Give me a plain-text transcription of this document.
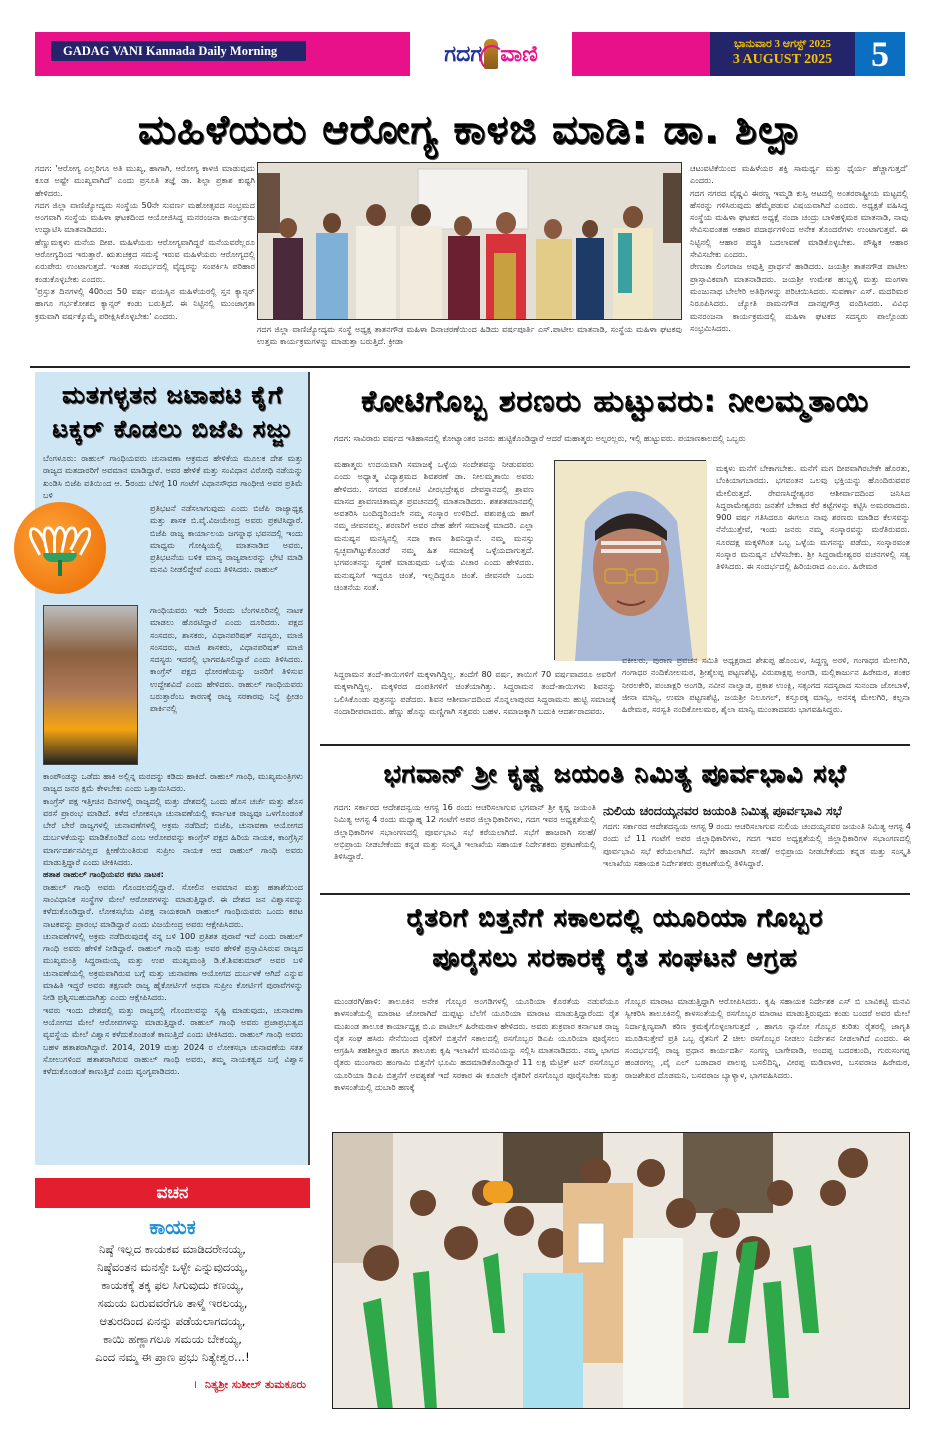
GADAG VANI Kannada Daily Morning	ಗದಗ ವಾಣಿ	ಭಾನುವಾರ 3 ಆಗಸ್ಟ್ 2025
3 AUGUST 2025	5
ಮಹಿಳೆಯರು ಆರೋಗ್ಯ ಕಾಳಜಿ ಮಾಡಿ: ಡಾ. ಶಿಲ್ಪಾ

ಗದಗ: 'ಆರೋಗ್ಯ ಎಲ್ಲರಿಗೂ ಅತಿ ಮುಖ್ಯ, ಹಾಗಾಗಿ, ಆರೋಗ್ಯ ಕಾಳಜಿ ಮಾಡುವುದು ಕೂಡ ಅಷ್ಟೇ ಮುಖ್ಯವಾಗಿದೆ' ಎಂದು ಪ್ರಸೂತಿ ತಜ್ಞೆ ಡಾ. ಶಿಲ್ಪಾ ಪ್ರಕಾಶ ಕುಷ್ಟಗಿ ಹೇಳಿದರು.

ಗದಗ ಜಿಲ್ಲಾ ವಾಣಿಜ್ಯೋದ್ಯಮ ಸಂಸ್ಥೆಯ 50ನೇ ಸುವರ್ಣ ಮಹೋತ್ಸವದ ಸಂಭ್ರಮದ ಅಂಗವಾಗಿ ಸಂಸ್ಥೆಯ ಮಹಿಳಾ ಘಟಕದಿಂದ ಆಯೋಜಿಸಿದ್ದ ಮನರಂಜನಾ ಕಾರ್ಯಕ್ರಮ ಉದ್ಘಾಟಿಸಿ ಮಾತನಾಡಿದರು.

ಹೆಣ್ಣುಮಕ್ಕಳು ಮನೆಯ ದೀಪ. ಮಹಿಳೆಯರು ಆರೋಗ್ಯವಾಗಿದ್ದರೆ ಮನೆಯವರೆಲ್ಲರೂ ಆರೋಗ್ಯದಿಂದ ಇರುತ್ತಾರೆ. ಋತುಚಕ್ರದ ಸಮಸ್ಯೆ ಇರುವ ಮಹಿಳೆಯರು ಆರೋಗ್ಯದಲ್ಲಿ ಏರುಪೇರು ಉಂಟಾಗುತ್ತದೆ. ಇಂತಹ ಸಂದರ್ಭದಲ್ಲಿ ವೈದ್ಯರನ್ನು ಸಂಪರ್ಕಿಸಿ ಪರಿಹಾರ ಕಂಡುಕೊಳ್ಳಬೇಕು ಎಂದರು.

'ಪ್ರಸ್ತುತ ದಿನಗಳಲ್ಲಿ 40ರಿಂದ 50 ವರ್ಷ ವಯಸ್ಸಿನ ಮಹಿಳೆಯರಲ್ಲಿ ಸ್ತನ ಕ್ಯಾನ್ಸರ್ ಹಾಗೂ ಗರ್ಭಕೋಶದ ಕ್ಯಾನ್ಸರ್ ಕಂಡು ಬರುತ್ತಿದೆ. ಈ ನಿಟ್ಟಿನಲ್ಲಿ ಮುಂಜಾಗ್ರತಾ ಕ್ರಮವಾಗಿ ವರ್ಷಕ್ಕೊಮ್ಮೆ ಪರೀಕ್ಷಿಸಿಕೊಳ್ಳಬೇಕು' ಎಂದರು.

ಗದಗ ಜಿಲ್ಲಾ ವಾಣಿಜ್ಯೋದ್ಯಮ ಸಂಸ್ಥೆ ಅಧ್ಯಕ್ಷ ತಾತನಗೌಡ ಮಹಿಳಾ ದಿನಾಚರಣೆಯಿಂದ ಹಿಡಿದು ವರ್ಷಪೂರ್ತಿ ಎಸ್.ಪಾಟೀಲ ಮಾತನಾಡಿ, ಸಂಸ್ಥೆಯ ಮಹಿಳಾ ಘಟಕವು ಉತ್ತಮ ಕಾರ್ಯಕ್ರಮಗಳನ್ನು ಮಾಡುತ್ತಾ ಬರುತ್ತಿದೆ. ಕ್ರೀಡಾ

ಚಟುವಟಿಕೆಯಿಂದ ಮಹಿಳೆಯರ ಶಕ್ತಿ ಸಾಮರ್ಥ್ಯ ಮತ್ತು ಧೈರ್ಯ ಹೆಚ್ಚಾಗುತ್ತದೆ' ಎಂದರು.

ಗದಗ ನಗರದ ವೈಷ್ಣವಿ ಈರಣ್ಣ ಇಮ್ಮಡಿ ಕುಸ್ತಿ ಆಟದಲ್ಲಿ ಅಂತರರಾಷ್ಟ್ರೀಯ ಮಟ್ಟದಲ್ಲಿ ಹೆಸರನ್ನು ಗಳಿಸಿರುವುದು ಹೆಮ್ಮೆಪಡುವ ವಿಷಯವಾಗಿದೆ ಎಂದರು. ಅಧ್ಯಕ್ಷತೆ ವಹಿಸಿದ್ದ ಸಂಸ್ಥೆಯ ಮಹಿಳಾ ಘಟಕದ ಅಧ್ಯಕ್ಷೆ ನಂದಾ ಚಂದ್ರು ಬಾಳಿಹಳ್ಳಿಮಠ ಮಾತನಾಡಿ, ನಾವು ಸೇವಿಸುವಂತಹ ಆಹಾರ ಪದಾರ್ಥಗಳಿಂದ ಅನೇಕ ತೊಂದರೆಗಳು ಉಂಟಾಗುತ್ತವೆ. ಈ ನಿಟ್ಟಿನಲ್ಲಿ ಆಹಾರ ಪದ್ಧತಿ ಬದಲಾವಣೆ ಮಾಡಿಕೊಳ್ಳಬೇಕು. ಪೌಷ್ಟಿಕ ಆಹಾರ ಸೇವಿಸಬೇಕು ಎಂದರು.

ರೇಣುಕಾ ಲಿಂಗರಾಜ ಅವುತ್ತಿ ಪ್ರಾರ್ಥನೆ ಹಾಡಿದರು. ಜಯಶ್ರೀ ತಾತನಗೌಡ ಪಾಟೀಲ ಪ್ರಾಸ್ತಾವಿಕವಾಗಿ ಮಾತನಾಡಿದರು. ಜಯಶ್ರೀ ಉಮೇಶ ಹುಬ್ಬಳ್ಳಿ ಮತ್ತು ಮಂಗಳಾ ಮಂಜುನಾಥ ಬೇಲೇರಿ ಅತಿಥಿಗಳನ್ನು ಪರಿಚಯಿಸಿದರು. ಸುವರ್ಣಾ ಎಸ್. ಮದರಿಮಠ ನಿರೂಪಿಸಿದರು. ಜ್ಯೋತಿ ರಾಮನಗೌಡ ದಾನಪ್ಪಗೌಡ್ರ ವಂದಿಸಿದರು. ವಿವಿಧ ಮನರಂಜನಾ ಕಾರ್ಯಕ್ರಮದಲ್ಲಿ ಮಹಿಳಾ ಘಟಕದ ಸದಸ್ಯರು ಪಾಲ್ಗೊಂಡು ಸಂಭ್ರಮಿಸಿದರು.

ಮತಗಳ್ಳತನ ಜಟಾಪಟಿ ಕೈಗೆ
ಟಕ್ಕರ್ ಕೊಡಲು ಬಿಜೆಪಿ ಸಜ್ಜು
ಬೆಂಗಳೂರು: ರಾಹುಲ್ ಗಾಂಧಿಯವರು ಚುನಾವಣಾ ಆಕ್ರಮದ ಹೇಳಿಕೆಯ ಮೂಲಕ ದೇಶ ಮತ್ತು ರಾಜ್ಯದ ಮತದಾರರಿಗೆ ಅವಮಾನ ಮಾಡಿದ್ದಾರೆ. ಅವರ ಹೇಳಿಕೆ ಮತ್ತು ಸಂವಿಧಾನ ವಿರೋಧಿ ನಡೆಯನ್ನು ಖಂಡಿಸಿ ಬಿಜೆಪಿ ವತಿಯಿಂದ ಆ. 5ರಂದು ಬೆಳಿಗ್ಗೆ 10 ಗಂಟೆಗೆ ವಿಧಾನಸೌಧದ ಗಾಂಧೀಜಿ ಅವರ ಪ್ರತಿಮೆ ಬಳಿ
ಪ್ರತಿಭಟನೆ ನಡೆಸಲಾಗುವುದು ಎಂದು ಬಿಜೆಪಿ ರಾಜ್ಯಾಧ್ಯಕ್ಷ ಮತ್ತು ಶಾಸಕ ಬಿ.ವೈ.ವಿಜಯೇಂದ್ರ ಅವರು ಪ್ರಕಟಿಸಿದ್ದಾರೆ. ಬಿಜೆಪಿ ರಾಜ್ಯ ಕಾರ್ಯಾಲಯ ಜಗನ್ನಾಥ ಭವನದಲ್ಲಿ ಇಂದು ಮಾಧ್ಯಮ ಗೋಷ್ಠಿಯಲ್ಲಿ ಮಾತನಾಡಿದ ಅವರು, ಪ್ರತಿಭಟನೆಯ ಬಳಿಕ ಮಾನ್ಯ ರಾಜ್ಯಪಾಲರನ್ನು ಭೇಟಿ ಮಾಡಿ ಮನವಿ ನೀಡಲಿದ್ದೇವೆ ಎಂದು ತಿಳಿಸಿದರು. ರಾಹುಲ್
ಗಾಂಧಿಯವರು ಇದೇ 5ರಂದು ಬೆಂಗಳೂರಿನಲ್ಲಿ ನಾಟಕ ಮಾಡಲು ಹೊರಟಿದ್ದಾರೆ ಎಂದು ದೂರಿದರು. ಪಕ್ಷದ ಸಂಸದರು, ಶಾಸಕರು, ವಿಧಾನಪರಿಷತ್ ಸದಸ್ಯರು, ಮಾಜಿ ಸಂಸದರು, ಮಾಜಿ ಶಾಸಕರು, ವಿಧಾನಪರಿಷತ್ ಮಾಜಿ ಸದಸ್ಯರು ಇದರಲ್ಲಿ ಭಾಗವಹಿಸಲಿದ್ದಾರೆ ಎಂದು ತಿಳಿಸಿದರು. ಕಾಂಗ್ರೆಸ್ ಪಕ್ಷದ ಧೋರಣೆಯನ್ನು ಜನರಿಗೆ ತಿಳಿಸುವ ಉದ್ದೇಶವಿದೆ ಎಂದು ಹೇಳಿದರು. ರಾಹುಲ್ ಗಾಂಧಿಯವರು ಬರುತ್ತಾರೆಂಬ ಕಾರಣಕ್ಕೆ ರಾಜ್ಯ ಸರಕಾರವು ನಿನ್ನೆ ಫ್ರೀಡಂ ಪಾರ್ಕಿನಲ್ಲಿ

ಕಾಂಪೌಂಡನ್ನು ಒಡೆದು ಹಾಕಿ ಅಲ್ಲಿನ್ನ ಮರದನ್ನು ಕಡಿದು ಹಾಕಿದೆ. ರಾಹುಲ್ ಗಾಂಧಿ, ಮುಖ್ಯಮಂತ್ರಿಗಳು ರಾಜ್ಯದ ಜನರ ಕ್ಷಮೆ ಕೇಳಬೇಕು ಎಂದು ಒತ್ತಾಯಿಸಿದರು.

ಕಾಂಗ್ರೆಸ್ ಪಕ್ಷ ಇತ್ತೀಚಿನ ದಿನಗಳಲ್ಲಿ ರಾಜ್ಯದಲ್ಲಿ ಮತ್ತು ದೇಶದಲ್ಲಿ ಒಂದು ಹೊಸ ಚರ್ಚೆ ಮತ್ತು ಹೊಸ ವರಸೆ ಪ್ರಾರಂಭ ಮಾಡಿದೆ. ಕಳೆದ ಲೋಕಸಭಾ ಚುನಾವಣೆಯಲ್ಲಿ ಕರ್ನಾಟಕ ರಾಜ್ಯವೂ ಒಳಗೊಂಡಂತೆ ಬೇರೆ ಬೇರೆ ರಾಜ್ಯಗಳಲ್ಲಿ ಚುನಾವಣೆಗಳಲ್ಲಿ ಅಕ್ರಮ ನಡೆದಿದೆ; ಬಿಜೆಪಿ, ಚುನಾವಣಾ ಆಯೋಗದ ದುರ್ಬಳಕೆಯನ್ನು ಮಾಡಿಕೊಂಡಿದೆ ಎಂಬ ಆರೋಪವನ್ನು ಕಾಂಗ್ರೆಸ್ ಪಕ್ಷದ ಹಿರಿಯ ನಾಯಕ, ಕಾಂಗ್ರೆಸ್ಸಿನ ಮಾರ್ಗದರ್ಶನವಿಲ್ಲದ ಕ್ಷೀಣೆಯಿಂತಿರುವ ಸುಪ್ರೀಂ ನಾಯಕ ಆದ ರಾಹುಲ್ ಗಾಂಧಿ ಅವರು ಮಾಡುತ್ತಿದ್ದಾರೆ ಎಂದು ಟೀಕಿಸಿದರು.

ಹತಾಶ ರಾಹುಲ್ ಗಾಂಧಿಯವರ ಕಪಟ ನಾಟಕ:

ರಾಹುಲ್ ಗಾಂಧಿ ಅವರು ಗೊಂದಲದಲ್ಲಿದ್ದಾರೆ. ಸೋಲಿನ ಅವಮಾನ ಮತ್ತು ಹತಾಶೆಯಿಂದ ಸಾಂವಿಧಾನಿಕ ಸಂಸ್ಥೆಗಳ ಮೇಲೆ ಆರೋಪಗಳನ್ನು ಮಾಡುತ್ತಿದ್ದಾರೆ. ಈ ದೇಶದ ಜನ ವಿಶ್ವಾಸವನ್ನು ಕಳೆದುಕೊಂಡಿದ್ದಾರೆ. ಲೋಕಸಭೆಯ ವಿಪಕ್ಷ ನಾಯಕರಾಗಿ ರಾಹುಲ್ ಗಾಂಧಿಯವರು ಒಂದು ಕಪಟ ನಾಟಕವನ್ನು ಪ್ರಾರಂಭ ಮಾಡಿದ್ದಾರೆ ಎಂದು ವಿಜಯೇಂದ್ರ ಅವರು ಆಕ್ಷೇಪಿಸಿದರು.

ಚುನಾವಣೆಗಳಲ್ಲಿ ಅಕ್ರಮ ನಡೆದಿರುವುದಕ್ಕೆ ನನ್ನ ಬಳಿ 100 ಪ್ರತಿಶತ ಪುರಾವೆ ಇದೆ ಎಂದು ರಾಹುಲ್ ಗಾಂಧಿ ಅವರು ಹೇಳಿಕೆ ನೀಡಿದ್ದಾರೆ. ರಾಹುಲ್ ಗಾಂಧಿ ಮತ್ತು ಅವರ ಹೇಳಿಕೆ ಪ್ರಸ್ತಾವಿಸಿರುವ ರಾಜ್ಯದ ಮುಖ್ಯಮಂತ್ರಿ ಸಿದ್ದರಾಮಯ್ಯ ಮತ್ತು ಉಪ ಮುಖ್ಯಮಂತ್ರಿ ಡಿ.ಕೆ.ಶಿವಕುಮಾರ್ ಅವರ ಬಳಿ ಚುನಾವಣೆಯಲ್ಲಿ ಅಕ್ರಮವಾಗಿರುವ ಬಗ್ಗೆ ಮತ್ತು ಚುನಾವಣಾ ಆಯೋಗದ ದುರ್ಬಳಕೆ ಆಗಿದೆ ಎನ್ನುವ ಮಾಹಿತಿ ಇದ್ದರೆ ಅವರು ತಕ್ಷಣವೇ ರಾಜ್ಯ ಹೈಕೋರ್ಟಿಗೆ ಅಥವಾ ಸುಪ್ರೀಂ ಕೋರ್ಟಿಗೆ ಪುರಾವೆಗಳನ್ನು ನೀಡಿ ಪ್ರಶ್ನಿಸಬಹುದಾಗಿತ್ತು ಎಂದು ಆಕ್ಷೇಪಿಸಿದರು.

ಇವರು ಇಂದು ದೇಶದಲ್ಲಿ ಮತ್ತು ರಾಜ್ಯದಲ್ಲಿ ಗೊಂದಲವನ್ನು ಸೃಷ್ಟಿ ಮಾಡುವುದು, ಚುನಾವಣಾ ಆಯೋಗದ ಮೇಲೆ ಆರೋಪಗಳನ್ನು ಮಾಡುತ್ತಿದ್ದಾರೆ. ರಾಹುಲ್ ಗಾಂಧಿ ಅವರು ಪ್ರಜಾಪ್ರಭುತ್ವದ ವ್ಯವಸ್ಥೆಯ ಮೇಲೆ ವಿಶ್ವಾಸ ಕಳೆದುಕೊಂಡಂತೆ ಕಾಣುತ್ತಿದೆ ಎಂದು ಟೀಕಿಸಿದರು. ರಾಹುಲ್ ಗಾಂಧಿ ಅವರು ಬಹಳ ಹತಾಶರಾಗಿದ್ದಾರೆ. 2014, 2019 ಮತ್ತು 2024 ರ ಲೋಕಸಭಾ ಚುನಾವಣೆಯ ಸತತ ಸೋಲುಗಳಿಂದ ಹತಾಶರಾಗಿರುವ ರಾಹುಲ್ ಗಾಂಧಿ ಅವರು, ತಮ್ಮ ನಾಯಕತ್ವದ ಬಗ್ಗೆ ವಿಶ್ವಾಸ ಕಳೆದುಕೊಂಡಂತೆ ಕಾಣುತ್ತಿದೆ ಎಂದು ವ್ಯಂಗ್ಯವಾಡಿದರು.

ಕೋಟಿಗೊಬ್ಬ ಶರಣರು ಹುಟ್ಟುವರು: ನೀಲಮ್ಮತಾಯಿ
ಗದಗ: ಸಾವಿರಾರು ವರ್ಷದ ಇತಿಹಾಸದಲ್ಲಿ ಕೋಟ್ಯಾಂತರ ಜನರು ಹುಟ್ಟಿಕೊಂಡಿದ್ದಾರೆ ಆದರೆ ಮಹಾತ್ಮರು ಅಲ್ಪರಲ್ಲರು, ಇಲ್ಲಿ ಹುಟ್ಟುವರು. ಪಯಾಣಕಾಲದಲ್ಲಿ ಒಬ್ಬರು
ಮಹಾತ್ಮರು ಉದಯವಾಗಿ ಸಮಾಜಕ್ಕೆ ಒಳ್ಳೆಯ ಸಂದೇಶವನ್ನು ನೀಡುವವರು ಎಂದು ಅಧ್ಯಾತ್ಮ ವಿದ್ಯಾಶ್ರಮದ ಶಿವಶರಣೆ ಡಾ. ನೀಲಮ್ಮತಾಯಿ ಅವರು ಹೇಳಿದರು. ನಗರದ ವರಕೋಟಿ ವೀರಭದ್ರೇಶ್ವರ ದೇವಸ್ಥಾನದಲ್ಲಿ ಶ್ರಾವಣ ಮಾಸದ ಶ್ರಾವಣಚಿತಾಮೃತ ಪ್ರವಚನದಲ್ಲಿ ಮಾತನಾಡಿದರು. ಶತಶತಮಾನದಲ್ಲಿ ಅವತರಿಸಿ ಬಂದಿದ್ದರಿಂದಲೇ ನಮ್ಮ ಸಂಸ್ಕಾರ ಉಳಿದಿದೆ. ಪಶುಪಕ್ಷಿಯ ಹಾಗೆ ನಮ್ಮ ಜೀವನವಲ್ಲ. ಶರಣರಿಗೆ ಅವರ ದೇಹ ಹೇಗೆ ಸಮಾಜಕ್ಕೆ ಮಾದರಿ. ಎಲ್ಲಾ ಮನುಷ್ಯನ ಮನಸ್ಸಿನಲ್ಲಿ ಸದಾ ಕಾಣ ಶಿವನಿದ್ದಾನೆ. ನಮ್ಮ ಮನಸ್ಸು ಸ್ವಚ್ಛವಾಗಿಟ್ಟುಕೊಂಡರೆ ನಮ್ಮ ಹಿತ ಸಮಾಜಕ್ಕೆ ಒಳ್ಳೆಯದಾಗುತ್ತದೆ. ಭಗವಂತನನ್ನು ಸ್ಮರಣೆ ಮಾಡುವುದು ಒಳ್ಳೆಯ ವಿಚಾರ ಎಂದು ಹೇಳಿದರು. ಮನುಷ್ಯನಿಗೆ ಇದ್ದರೂ ಚಿಂತೆ, ಇಲ್ಲದಿದ್ದರೂ ಚಿಂತೆ. ಜೀವನವೇ ಒಂದು ಚಿಂತನೆಯ ಸಂತೆ.
ಮಕ್ಕಳು ಮನೆಗೆ ಬೇಕಾಗಬೇಕು. ಮನೆಗೆ ಮಗ ದೀಪವಾಗಿರಬೇಕೇ ಹೊರತು, ಬೆಂಕಿಯಾಗಬಾರದು. ಭಗವಂತನ ಒಲವು ಭಕ್ತಿಯನ್ನು ಹೊಂದಿರುವವರ ಮೇಲಿರುತ್ತದೆ. ರೇವಣಸಿದ್ಧೇಶ್ವರರ ಆಶೀರ್ವಾದದಿಂದ ಜನಿಸಿದ ಸಿದ್ದರಾಮೇಶ್ವರರು ಜನತೆಗೆ ಬೇಕಾದ ಕೆರೆ ಕಟ್ಟೆಗಳನ್ನು ಕಟ್ಟಿಸಿ ಅಮರರಾದರು. 900 ವರ್ಷ ಗತಿಸಿದರೂ ಈಗಲೂ ನಾವು ಶರಣರು ಮಾಡಿದ ಕೆಲಸವನ್ನು ನೆನೆಯುತ್ತೇವೆ, ಇಂದು ಜನರು ನಮ್ಮ ಸಂಸ್ಕಾರವನ್ನು ಮರೆತಿರುವರು. ಸೂರದಕ್ಷ ಮಕ್ಕಳಿಗಿಂತ ಒಬ್ಬ ಒಳ್ಳೆಯ ಮಗನನ್ನು ಪಡೆದು, ಸಂಸ್ಕಾರವಂತ ಸಂಸ್ಕಾರ ಮನುಷ್ಯನ ಬೆಳೆಸಬೇಕು. ಶ್ರೀ ಸಿದ್ದರಾಮೇಶ್ವರರ ವಚನಗಳಲ್ಲಿ ಸತ್ವ ತಿಳಿಸಿದರು. ಈ ಸಂದರ್ಭದಲ್ಲಿ ಹಿರಿಯರಾದ ಎಂ.ಎಂ. ಹಿರೇಮಠ
ಸಿದ್ದರಾಮನ ತಂದೆ-ತಾಯಿಗಳಿಗೆ ಮಕ್ಕಳಾಗಿದ್ದಿಲ್ಲ. ತಂದೆಗೆ 80 ವರ್ಷ, ತಾಯಿಗೆ 70 ವರ್ಷವಾದರೂ ಅವರಿಗೆ ಮಕ್ಕಳಾಗಿದ್ದಿಲ್ಲ. ಮಕ್ಕಳಿರದ ದಂಪತಿಗಳಿಗೆ ಚಿಂತೆಯಾಗಿತ್ತು. ಸಿದ್ದರಾಮನ ತಂದೆ-ತಾಯಿಗಳು ಶಿವನನ್ನು ಒಲಿಸಿಕೊಂಡು ಪುತ್ರನನ್ನು ಪಡೆದರು. ಶಿವನ ಆಶೀರ್ವಾದದಿಂದ ಸೊನ್ನಲಾಪುರದ ಸಿದ್ದರಾಮನು ಹುಟ್ಟಿ ಸಮಾಜಕ್ಕೆ ನಂದಾದೀಪವಾದರು. ಹೆಣ್ಣು ಹೊನ್ನು ಮಣ್ಣಿಗಾಗಿ ಸತ್ತವರು ಬಹಳ. ಸಮಾಜಕ್ಕಾಗಿ ಬದುಕಿ ಆದರ್ಶರಾದವರು.
ವಕೀಲರು, ಪುರಾಣ ಪ್ರವಚನ ಸಮಿತಿ ಅಧ್ಯಕ್ಷರಾದ ಶೇಖಪ್ಪ ಹೊಂಬಳ, ಸಿದ್ದಣ್ಣ ಅರಳಿ, ಗಂಗಾಧರ ಮೇಲಗಿರಿ, ಗಂಗಾಧರ ನಂದಿಕೋಲಮಠ, ಶ್ರೀಶೈಲಪ್ಪ ಪಟ್ಟಣಶೆಟ್ಟಿ, ವಿರುಪಾಕ್ಷಪ್ಪ ಅಂಗಡಿ, ಮಲ್ಲಿಕಾರ್ಜುನ ಹಿರೇಮಠ, ಶಂಕರ ನೀರಲಕೇರಿ, ಪಂಚಾಕ್ಷರಿ ಅಂಗಡಿ, ನವೀನ ನಾಲ್ವಾಡ, ಪ್ರಕಾಶ ಉಂಕ್ಲಿ, ಸತ್ಸಂಗದ ಸದಸ್ಯರಾದ ಸುನಂದಾ ಜೋಬಾಳೆ, ಜೀನಾ ಮಾನ್ವಿ, ಉಮಾ ಪಟ್ಟಣಶೆಟ್ಟಿ, ಜಯಶ್ರೀ ನಿಲೂಗಲ್, ಕಸ್ತೂರಕ್ಕ ಮಾನ್ವಿ, ಅನಸಕ್ಕ ಮೇಲಗಿರಿ, ಕಲ್ಪನಾ ಹಿರೇಮಠ, ಸರಸ್ವತಿ ನಂದಿಕೋಲಮಠ, ಶೈಲಾ ಮಾನ್ವಿ ಮುಂತಾದವರು ಭಾಗವಹಿಸಿದ್ದರು.
ಭಗವಾನ್ ಶ್ರೀ ಕೃಷ್ಣ ಜಯಂತಿ ನಿಮಿತ್ಯ ಪೂರ್ವಭಾವಿ ಸಭೆ
ಗದಗ: ಸರ್ಕಾರದ ಆದೇಶದನ್ವಯ ಆಗಸ್ಟ 16 ರಂದು ಆಚರಿಸಲಾಗುವ ಭಗವಾನ್ ಶ್ರೀ ಕೃಷ್ಣ ಜಯಂತಿ ನಿಮಿತ್ಯ ಆಗಸ್ಟ 4 ರಂದು ಮಧ್ಯಾಹ್ನ 12 ಗಂಟೆಗೆ ಅಪರ ಜಿಲ್ಲಾಧಿಕಾರಿಗಳು, ಗದಗ ಇವರ ಅಧ್ಯಕ್ಷತೆಯಲ್ಲಿ ಜಿಲ್ಲಾಧಿಕಾರಿಗಳ ಸಭಾಂಗಣದಲ್ಲಿ ಪೂರ್ವಭಾವಿ ಸಭೆ ಕರೆಯಲಾಗಿದೆ. ಸಭೆಗೆ ಹಾಜರಾಗಿ ಸಲಹೆ/ ಅಭಿಪ್ರಾಯ ನೀಡಬೇಕೆಂದು ಕನ್ನಡ ಮತ್ತು ಸಂಸ್ಕೃತಿ ಇಲಾಖೆಯ ಸಹಾಯಕ ನಿರ್ದೇಶಕರು ಪ್ರಕಟಣೆಯಲ್ಲಿ ತಿಳಿಸಿದ್ದಾರೆ.
ನುಲಿಯ ಚಂದಯ್ಯನವರ ಜಯಂತಿ ನಿಮಿತ್ಯ ಪೂರ್ವಭಾವಿ ಸಭೆ
ಗದಗ: ಸರ್ಕಾರದ ಆದೇಶದನ್ವಯ ಆಗಸ್ಟ 9 ರಂದು ಆಚರಿಸಲಾಗುವ ನುಲಿಯ ಚಂದಯ್ಯನವರ ಜಯಂತಿ ನಿಮಿತ್ಯ ಆಗಸ್ಟ 4 ರಂದು ಬೆ 11 ಗಂಟೆಗೆ ಅಪರ ಜಿಲ್ಲಾಧಿಕಾರಿಗಳು, ಗದಗ ಇವರ ಅಧ್ಯಕ್ಷತೆಯಲ್ಲಿ ಜಿಲ್ಲಾಧಿಕಾರಿಗಳ ಸಭಾಂಗಣದಲ್ಲಿ ಪೂರ್ವಭಾವಿ ಸಭೆ ಕರೆಯಲಾಗಿದೆ. ಸಭೆಗೆ ಹಾಜರಾಗಿ ಸಲಹೆ/ ಅಭಿಪ್ರಾಯ ನೀಡಬೇಕೆಂದು ಕನ್ನಡ ಮತ್ತು ಸಂಸ್ಕೃತಿ ಇಲಾಖೆಯ ಸಹಾಯಕ ನಿರ್ದೇಶಕರು ಪ್ರಕಟಣೆಯಲ್ಲಿ ತಿಳಿಸಿದ್ದಾರೆ.
ರೈತರಿಗೆ ಬಿತ್ತನೆಗೆ ಸಕಾಲದಲ್ಲಿ ಯೂರಿಯಾ ಗೊಬ್ಬರ
ಪೂರೈಸಲು ಸರಕಾರಕ್ಕೆ ರೈತ ಸಂಘಟನೆ ಆಗ್ರಹ
ಮುಂಡರಗಿ/ಹಾಳಿ: ತಾಲೂಕಿನ ಅನೇಕ ಗೊಬ್ಬರ ಅಂಗಡಿಗಳಲ್ಲಿ ಯೂರಿಯಾ ಕೊರತೆಯ ನಡುವೆಯೂ ಕಾಳಸಂತೆಯಲ್ಲಿ ಮಾರಾಟ ಜೋರಾಗಿದೆ ದುಪ್ಪಟ್ಟು ಬೆಲೆಗೆ ಯೂರಿಯಾ ಮಾರಾಟ ಮಾಡುತ್ತಿದ್ದಾರೆಂದು ರೈತ ಮುಖಂಡ ತಾಲೂಕ ಕಾರ್ಯಾಧ್ಯಕ್ಷ ಬಿ.ಎ ಪಾಟೀಲ್ ಹಿರೇಮಠಾಳ ಹೇಳಿದರು. ಅವರು ಶುಕ್ರವಾರ ಕರ್ನಾಟಕ ರಾಜ್ಯ ರೈತ ಸಂಘ ಹಸಿರು ಸೇನೆಯಿಂದ ರೈತರಿಗೆ ಬಿತ್ತನೆಗೆ ಸಕಾಲದಲ್ಲಿ ರಸಗೊಬ್ಬರ ಡಿಎಪಿ ಯೂರಿಯಾ ಪೂರೈಸಲು ಆಗ್ರಹಿಸಿ ತಹಶೀಲ್ದಾರ ಹಾಗೂ ತಾಲೂಕು ಕೃಷಿ ಇಲಾಖೆಗೆ ಮನವಿಯನ್ನು ಸಲ್ಲಿಸಿ ಮಾತನಾಡಿದರು. ನಮ್ಮ ಭಾಗದ ರೈತರು ಮುಂಗಾರು ಹಂಗಾಮಿ ಬಿತ್ತನೆಗೆ ಭೂಮಿ ಹದಮಾಡಿಕೊಂಡಿದ್ದಾರೆ 11 ಲಕ್ಷ ಮೆಟ್ರಿಕ್ ಟನ್ ರಸಗೊಬ್ಬರ ಯೂರಿಯಾ ಡಿಎಪಿ ಬಿತ್ತನೆಗೆ ಅವಶ್ಯಕತೆ ಇದೆ ಸರಕಾರ ಈ ಕೂಡಲೇ ರೈತರಿಗೆ ರಸಗೊಬ್ಬರ ಪೂರೈಸಬೇಕು ಮತ್ತು ಕಾಳಸಂತೆಯಲ್ಲಿ ದುಬಾರಿ ಹಣಕ್ಕೆ
ಗೊಬ್ಬರ ಮಾರಾಟ ಮಾಡುತ್ತಿದ್ದಾಗಿ ಆರೋಪಿಸಿದರು. ಕೃಷಿ ಸಹಾಯಕ ನಿರ್ದೇಶಕ ಎಸ್ ಬಿ ಬಾವಿಕಟ್ಟಿ ಮನವಿ ಸ್ವೀಕರಿಸಿ ತಾಲೂಕಿನಲ್ಲಿ ಕಾಳಸಂತೆಯಲ್ಲಿ ರಸಗೊಬ್ಬರ ಮಾರಾಟ ಮಾಡುತ್ತಿರುವುದು ಕಂಡು ಬಂದರೆ ಅವರ ಮೇಲೆ ನಿರ್ದಾಕ್ಷಿಣ್ಯವಾಗಿ ಕಠಿಣ ಕ್ರಮಕೈಗೊಳ್ಳಲಾಗುತ್ತದೆ , ಹಾಗೂ ನ್ಯಾನೋ ಗೊಬ್ಬರ ಕುರಿತು ರೈತರಲ್ಲಿ ಜಾಗೃತಿ ಮೂಡಿಸುತ್ತೇವೆ ಪ್ರತಿ ಒಬ್ಬ ರೈತನಿಗೆ 2 ಚೀಲ ರಸಗೊಬ್ಬರ ನೀಡಲು ನಿರ್ದೇಶನ ನೀಡಲಾಗಿದೆ ಎಂದರು. ಈ ಸಂದರ್ಭದಲ್ಲಿ ರಾಜ್ಯ ಪ್ರಧಾನ ಕಾರ್ಯದರ್ಶಿ ಸಂಗಣ್ಣ ಬಾಗೇವಾಡಿ, ಅಂದಪ್ಪ ಬದರಕುಂದಿ, ಗುರುಸಂಗಪ್ಪ ಹಂಡರಗಲ್ಲ ,ವೈ ಎಲ್ ಬಡಾದಾರ ಪಾಲಪ್ಪ ಬಸಲಿದಿನ್ನಿ, ವೀರಪ್ಪ ಮಡಿವಾಳರ, ಬಸವರಾಜ ಹಿರೇಮಠ, ರಾಜಶೇಖರ ದೊಡಮನಿ, ಬಸವರಾಜ ಬ್ಯಾಳ್ಯಾಳ, ಭಾಗವಹಿಸಿದರು.
ವಚನ
ಕಾಯಕ
ನಿಷ್ಠೆ ಇಲ್ಲದ ಕಾಯಕವ ಮಾಡಿದರೇನಯ್ಯ,
ನಿಷ್ಠೆವಂತನ ಮನಸ್ಸೇ ಒಳ್ಳೇ ಎನ್ನುವುದಯ್ಯ,
ಕಾಯಕಕ್ಕೆ ತಕ್ಕ ಫಲ ಸಿಗುವುದು ಕಣಯ್ಯ,
ಸಮಯ ಬರುವವರೆಗೂ ತಾಳ್ಮೆ ಇರಲಯ್ಯ,
ಆತುರದಿಂದ ಏನನ್ನು ಪಡೆಯಲಾಗದಯ್ಯ,
ಕಾಯಿ ಹಣ್ಣಾಗಲೂ ಸಮಯ ಬೇಕಯ್ಯ,
ಎಂದ ನಮ್ಮ ಈ ಪ್ರಾಣ ಪ್ರಭು ನಿತ್ಯೇಶ್ವರ...!
। ನಿತ್ಯಶ್ರೀ ಸುಶೀಲ್ ತುಮಕೂರು
